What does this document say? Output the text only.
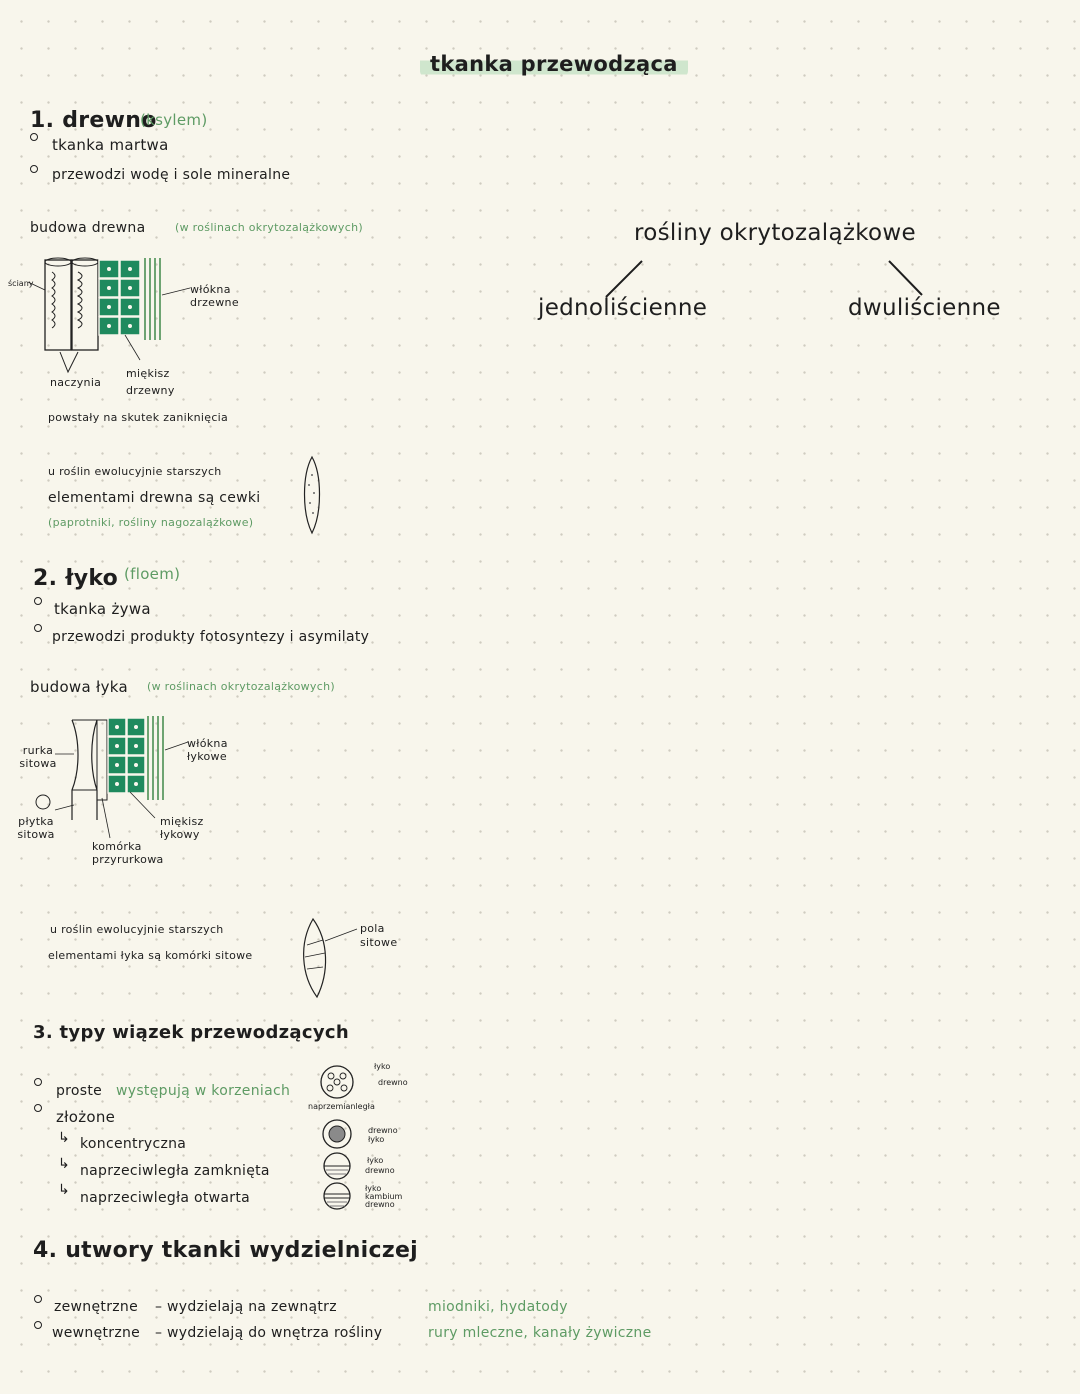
tkanka przewodząca
1. drewno
(ksylem)
tkanka martwa
przewodzi wodę i sole mineralne
budowa drewna	(w roślinach okrytozalążkowych)
ściany	włókna drzewne
miękisz drzewny
naczynia
powstały na skutek zaniknięcia
u roślin ewolucyjnie starszych
elementami drewna są cewki
(paprotniki, rośliny nagozalążkowe)
2. łyko (floem)
tkanka żywa
przewodzi produkty fotosyntezy i asymilaty
budowa łyka (w roślinach okrytozalążkowych)
rurka sitowa
włókna łykowe
płytka sitowa
miękisz łykowy
komórka przyrurkowa
u roślin ewolucyjnie starszych
elementami łyka są komórki sitowe
pola sitowe
3. typy wiązek przewodzących
proste występują w korzeniach
złożone
↳ koncentryczna
↳ naprzeciwległa zamknięta
↳ naprzeciwległa otwarta
łyko
drewno
naprzemianległa
drewno
łyko
łyko
drewno
łyko
kambium
drewno
4. utwory tkanki wydzielniczej
zewnętrzne – wydzielają na zewnątrz	miodniki, hydatody
wewnętrzne – wydzielają do wnętrza rośliny	rury mleczne, kanały żywiczne
rośliny okrytozalążkowe
jednoliścienne	dwuliścienne
